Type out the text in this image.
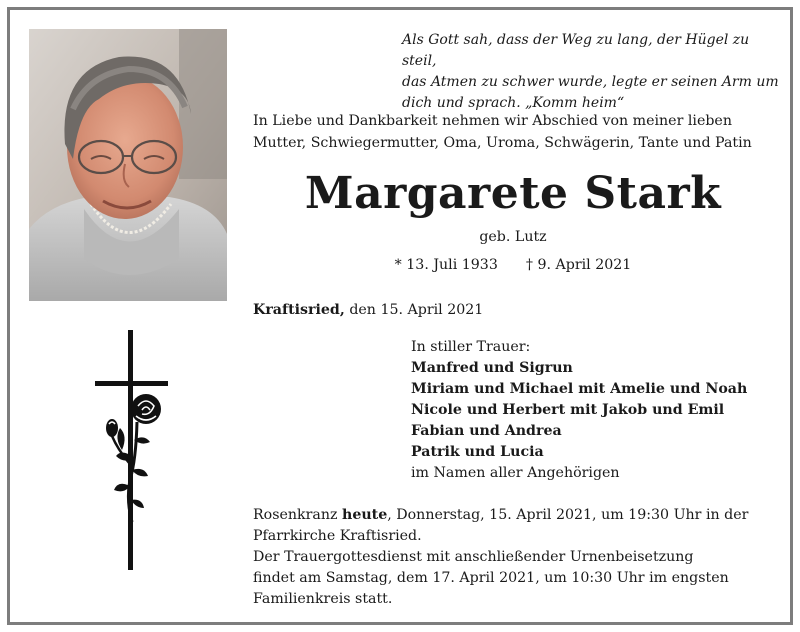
Als Gott sah, dass der Weg zu lang, der Hügel zu steil,

das Atmen zu schwer wurde, legte er seinen Arm um

dich und sprach. „Komm heim“

In Liebe und Dankbarkeit nehmen wir Abschied von meiner lieben

Mutter, Schwiegermutter, Oma, Uroma, Schwägerin, Tante und Patin

Margarete Stark
geb. Lutz
* 13. Juli 1933 † 9. April 2021
Kraftisried, den 15. April 2021

In stiller Trauer:

Manfred und Sigrun

Miriam und Michael mit Amelie und Noah

Nicole und Herbert mit Jakob und Emil

Fabian und Andrea

Patrik und Lucia

im Namen aller Angehörigen

Rosenkranz heute, Donnerstag, 15. April 2021, um 19:30 Uhr in der

Pfarrkirche Kraftisried.

Der Trauergottesdienst mit anschließender Urnenbeisetzung

findet am Samstag, dem 17. April 2021, um 10:30 Uhr im engsten

Familienkreis statt.
